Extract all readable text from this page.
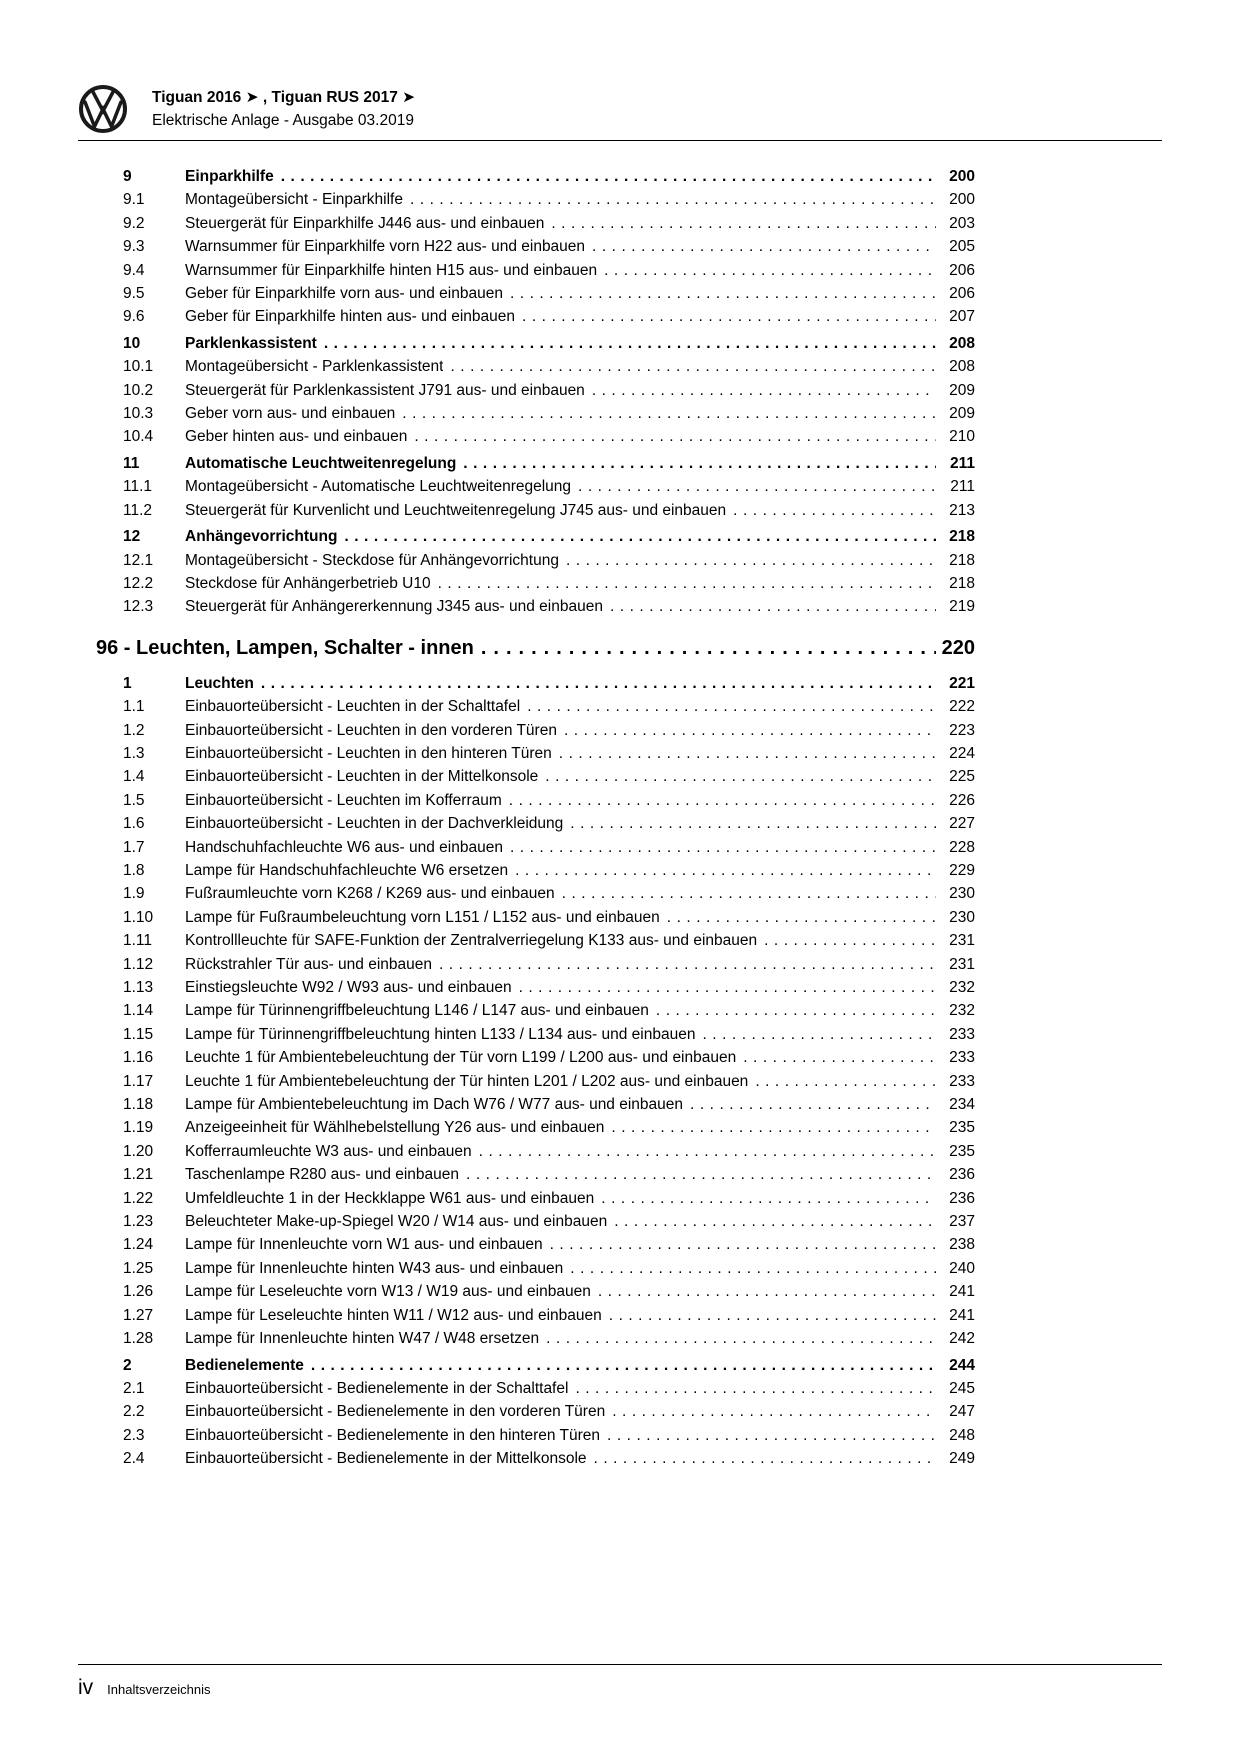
Tiguan 2016 ➤ , Tiguan RUS 2017 ➤
Elektrische Anlage - Ausgabe 03.2019
9	Einparkhilfe .....	200
9.1	Montageübersicht - Einparkhilfe .....	200
9.2	Steuergerät für Einparkhilfe J446 aus- und einbauen .....	203
9.3	Warnsummer für Einparkhilfe vorn H22 aus- und einbauen .....	205
9.4	Warnsummer für Einparkhilfe hinten H15 aus- und einbauen .....	206
9.5	Geber für Einparkhilfe vorn aus- und einbauen .....	206
9.6	Geber für Einparkhilfe hinten aus- und einbauen .....	207
10	Parklenkassistent .....	208
10.1	Montageübersicht - Parklenkassistent .....	208
10.2	Steuergerät für Parklenkassistent J791 aus- und einbauen .....	209
10.3	Geber vorn aus- und einbauen .....	209
10.4	Geber hinten aus- und einbauen .....	210
11	Automatische Leuchtweitenregelung .....	211
11.1	Montageübersicht - Automatische Leuchtweitenregelung .....	211
11.2	Steuergerät für Kurvenlicht und Leuchtweitenregelung J745 aus- und einbauen .....	213
12	Anhängevorrichtung .....	218
12.1	Montageübersicht - Steckdose für Anhängevorrichtung .....	218
12.2	Steckdose für Anhängerbetrieb U10 .....	218
12.3	Steuergerät für Anhängererkennung J345 aus- und einbauen .....	219
96 - Leuchten, Lampen, Schalter - innen .....	220
1	Leuchten .....	221
1.1	Einbauorteübersicht - Leuchten in der Schalttafel .....	222
1.2	Einbauorteübersicht - Leuchten in den vorderen Türen .....	223
1.3	Einbauorteübersicht - Leuchten in den hinteren Türen .....	224
1.4	Einbauorteübersicht - Leuchten in der Mittelkonsole .....	225
1.5	Einbauorteübersicht - Leuchten im Kofferraum .....	226
1.6	Einbauorteübersicht - Leuchten in der Dachverkleidung .....	227
1.7	Handschuhfachleuchte W6 aus- und einbauen .....	228
1.8	Lampe für Handschuhfachleuchte W6 ersetzen .....	229
1.9	Fußraumleuchte vorn K268 / K269 aus- und einbauen .....	230
1.10	Lampe für Fußraumbeleuchtung vorn L151 / L152 aus- und einbauen .....	230
1.11	Kontrollleuchte für SAFE-Funktion der Zentralverriegelung K133 aus- und einbauen .....	231
1.12	Rückstrahler Tür aus- und einbauen .....	231
1.13	Einstiegsleuchte W92 / W93 aus- und einbauen .....	232
1.14	Lampe für Türinnengriffbeleuchtung L146 / L147 aus- und einbauen .....	232
1.15	Lampe für Türinnengriffbeleuchtung hinten L133 / L134 aus- und einbauen .....	233
1.16	Leuchte 1 für Ambientebeleuchtung der Tür vorn L199 / L200 aus- und einbauen .....	233
1.17	Leuchte 1 für Ambientebeleuchtung der Tür hinten L201 / L202 aus- und einbauen .....	233
1.18	Lampe für Ambientebeleuchtung im Dach W76 / W77 aus- und einbauen .....	234
1.19	Anzeigeeinheit für Wählhebelstellung Y26 aus- und einbauen .....	235
1.20	Kofferraumleuchte W3 aus- und einbauen .....	235
1.21	Taschenlampe R280 aus- und einbauen .....	236
1.22	Umfeldleuchte 1 in der Heckklappe W61 aus- und einbauen .....	236
1.23	Beleuchteter Make-up-Spiegel W20 / W14 aus- und einbauen .....	237
1.24	Lampe für Innenleuchte vorn W1 aus- und einbauen .....	238
1.25	Lampe für Innenleuchte hinten W43 aus- und einbauen .....	240
1.26	Lampe für Leseleuchte vorn W13 / W19 aus- und einbauen .....	241
1.27	Lampe für Leseleuchte hinten W11 / W12 aus- und einbauen .....	241
1.28	Lampe für Innenleuchte hinten W47 / W48 ersetzen .....	242
2	Bedienelemente .....	244
2.1	Einbauorteübersicht - Bedienelemente in der Schalttafel .....	245
2.2	Einbauorteübersicht - Bedienelemente in den vorderen Türen .....	247
2.3	Einbauorteübersicht - Bedienelemente in den hinteren Türen .....	248
2.4	Einbauorteübersicht - Bedienelemente in der Mittelkonsole .....	249
iv Inhaltsverzeichnis
